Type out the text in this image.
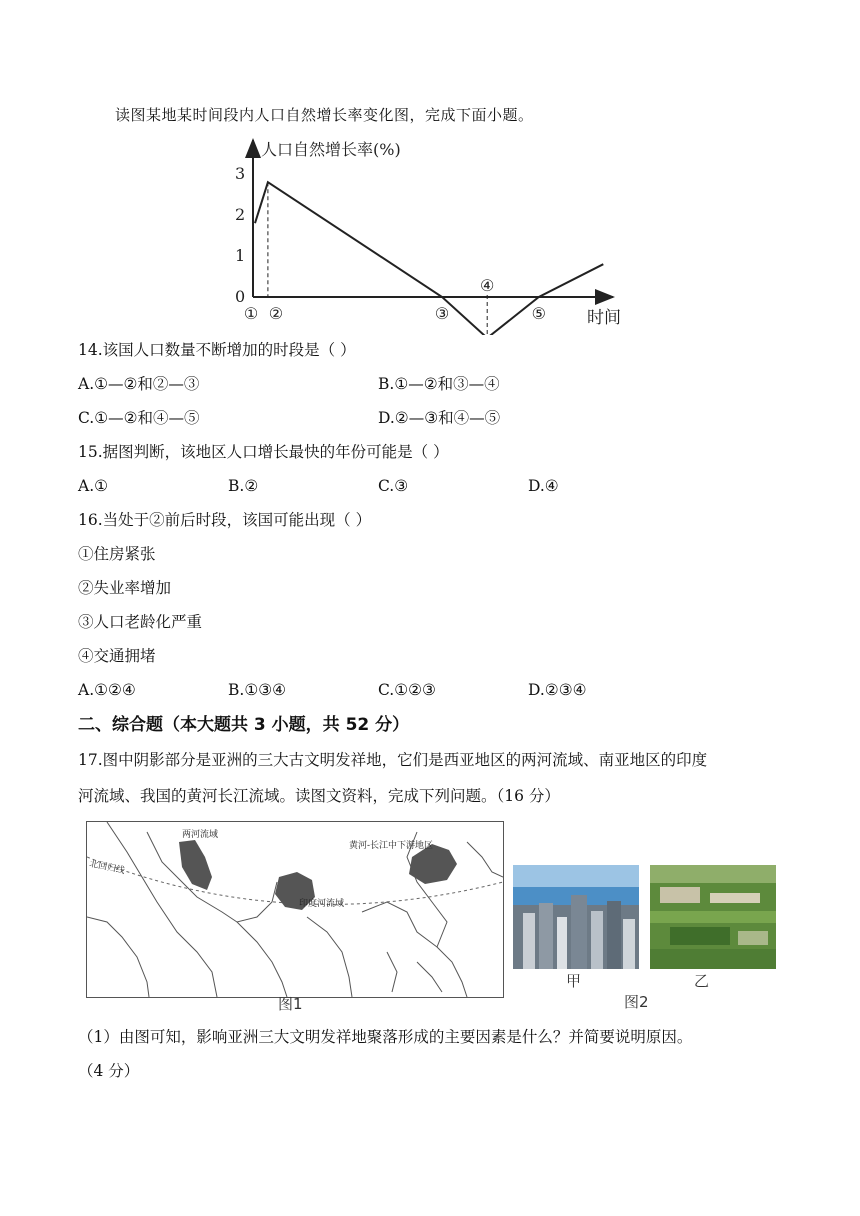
读图某地某时间段内人口自然增长率变化图，完成下面小题。
人口自然增长率(%)
时间
0
1
2
3
① ②	③
④
⑤
14.该国人口数量不断增加的时段是（ ）
A.①—②和②—③	B.①—②和③—④
C.①—②和④—⑤	D.②—③和④—⑤
15.据图判断，该地区人口增长最快的年份可能是（ ）
A.①	B.②	C.③	D.④
16.当处于②前后时段，该国可能出现（ ）
①住房紧张
②失业率增加
③人口老龄化严重
④交通拥堵
A.①②④	B.①③④	C.①②③	D.②③④
二、综合题（本大题共 3 小题，共 52 分）
17.图中阴影部分是亚洲的三大古文明发祥地，它们是西亚地区的两河流域、南亚地区的印度
河流域、我国的黄河长江流域。读图文资料，完成下列问题。（16 分）
两河流域
黄河-长江中下游地区
印度河流域
北回归线
图1
甲	乙
图2
（1）由图可知，影响亚洲三大文明发祥地聚落形成的主要因素是什么？并简要说明原因。
（4 分）
